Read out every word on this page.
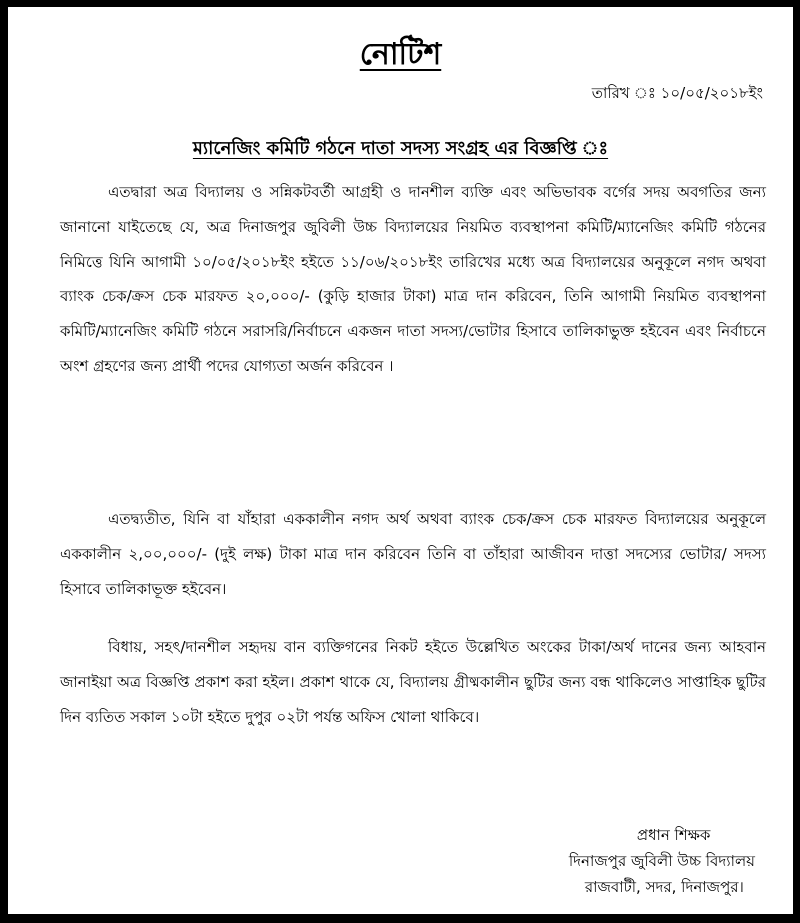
নোটিশ
তারিখ ঃ ১০/০৫/২০১৮ইং
ম্যানেজিং কমিটি গঠনে দাতা সদস্য সংগ্রহ এর বিজ্ঞপ্তি ঃ

এতদ্বারা অত্র বিদ্যালয় ও সন্নিকটবর্তী আগ্রহী ও দানশীল ব্যক্তি এবং অভিভাবক বর্গের সদয় অবগতির জন্য জানানো যাইতেছে যে, অত্র দিনাজপুর জুবিলী উচ্চ বিদ্যালয়ের নিয়মিত ব্যবস্থাপনা কমিটি/ম্যানেজিং কমিটি গঠনের নিমিত্তে যিনি আগামী ১০/০৫/২০১৮ইং হইতে ১১/০৬/২০১৮ইং তারিখের মধ্যে অত্র বিদ্যালয়ের অনুকূলে নগদ অথবা ব্যাংক চেক/ক্রস চেক মারফত ২০,০০০/- (কুড়ি হাজার টাকা) মাত্র দান করিবেন, তিনি আগামী নিয়মিত ব্যবস্থাপনা কমিটি/ম্যানেজিং কমিটি গঠনে সরাসরি/নির্বাচনে একজন দাতা সদস্য/ভোটার হিসাবে তালিকাভুক্ত হইবেন এবং নির্বাচনে অংশ গ্রহণের জন্য প্রার্থী পদের যোগ্যতা অর্জন করিবেন ।

এতদ্ব্যতীত, যিনি বা যাঁহারা এককালীন নগদ অর্থ অথবা ব্যাংক চেক/ক্রস চেক মারফত বিদ্যালয়ের অনুকূলে এককালীন ২,০০,০০০/- (দুই লক্ষ) টাকা মাত্র দান করিবেন তিনি বা তাঁহারা আজীবন দাত্তা সদস্যের ভোটার/ সদস্য হিসাবে তালিকাভূক্ত হইবেন।

বিধায়, সহৎ/দানশীল সহৃদয় বান ব্যক্তিগনের নিকট হইতে উল্লেখিত অংকের টাকা/অর্থ দানের জন্য আহবান জানাইয়া অত্র বিজ্ঞপ্তি প্রকাশ করা হইল। প্রকাশ থাকে যে, বিদ্যালয় গ্রীষ্মকালীন ছুটির জন্য বন্ধ থাকিলেও সাপ্তাহিক ছুটির দিন ব্যতিত সকাল ১০টা হইতে দুপুর ০২টা পর্যন্ত অফিস খোলা থাকিবে।

প্রধান শিক্ষক
দিনাজপুর জুবিলী উচ্চ বিদ্যালয়
রাজবাটী, সদর, দিনাজপুর।
